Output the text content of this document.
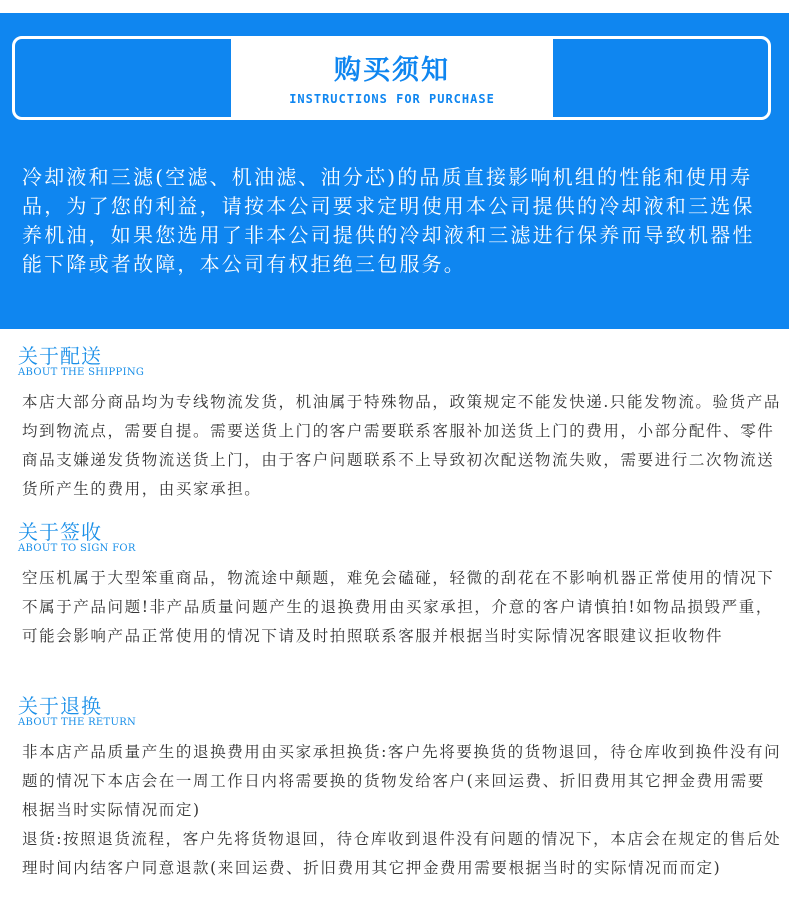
购买须知
INSTRUCTIONS FOR PURCHASE
冷却液和三滤(空滤、机油滤、油分芯)的品质直接影响机组的性能和使用寿品，为了您的利益，请按本公司要求定明使用本公司提供的冷却液和三选保养机油，如果您选用了非本公司提供的冷却液和三滤进行保养而导致机器性能下降或者故障，本公司有权拒绝三包服务。
关于配送
ABOUT THE SHIPPING
本店大部分商品均为专线物流发货，机油属于特殊物品，政策规定不能发快递.只能发物流。验货产品均到物流点，需要自提。需要送货上门的客户需要联系客服补加送货上门的费用，小部分配件、零件商品支嫌递发货物流送货上门，由于客户问题联系不上导致初次配送物流失败，需要进行二次物流送货所产生的费用，由买家承担。
关于签收
ABOUT TO SIGN FOR
空压机属于大型笨重商品，物流途中颠题，难免会磕碰，轻微的刮花在不影响机器正常使用的情况下不属于产品问题!非产品质量问题产生的退换费用由买家承担，介意的客户请慎拍!如物品损毁严重，可能会影响产品正常使用的情况下请及时拍照联系客服并根据当时实际情况客眼建议拒收物件
关于退换
ABOUT THE RETURN

非本店产品质量产生的退换费用由买家承担换货:客户先将要换货的货物退回，待仓库收到换件没有问题的情况下本店会在一周工作日内将需要换的货物发给客户(来回运费、折旧费用其它押金费用需要根据当时实际情况而定)

退货:按照退货流程，客户先将货物退回，待仓库收到退件没有问题的情况下，本店会在规定的售后处理时间内结客户同意退款(来回运费、折旧费用其它押金费用需要根据当时的实际情况而而定)
